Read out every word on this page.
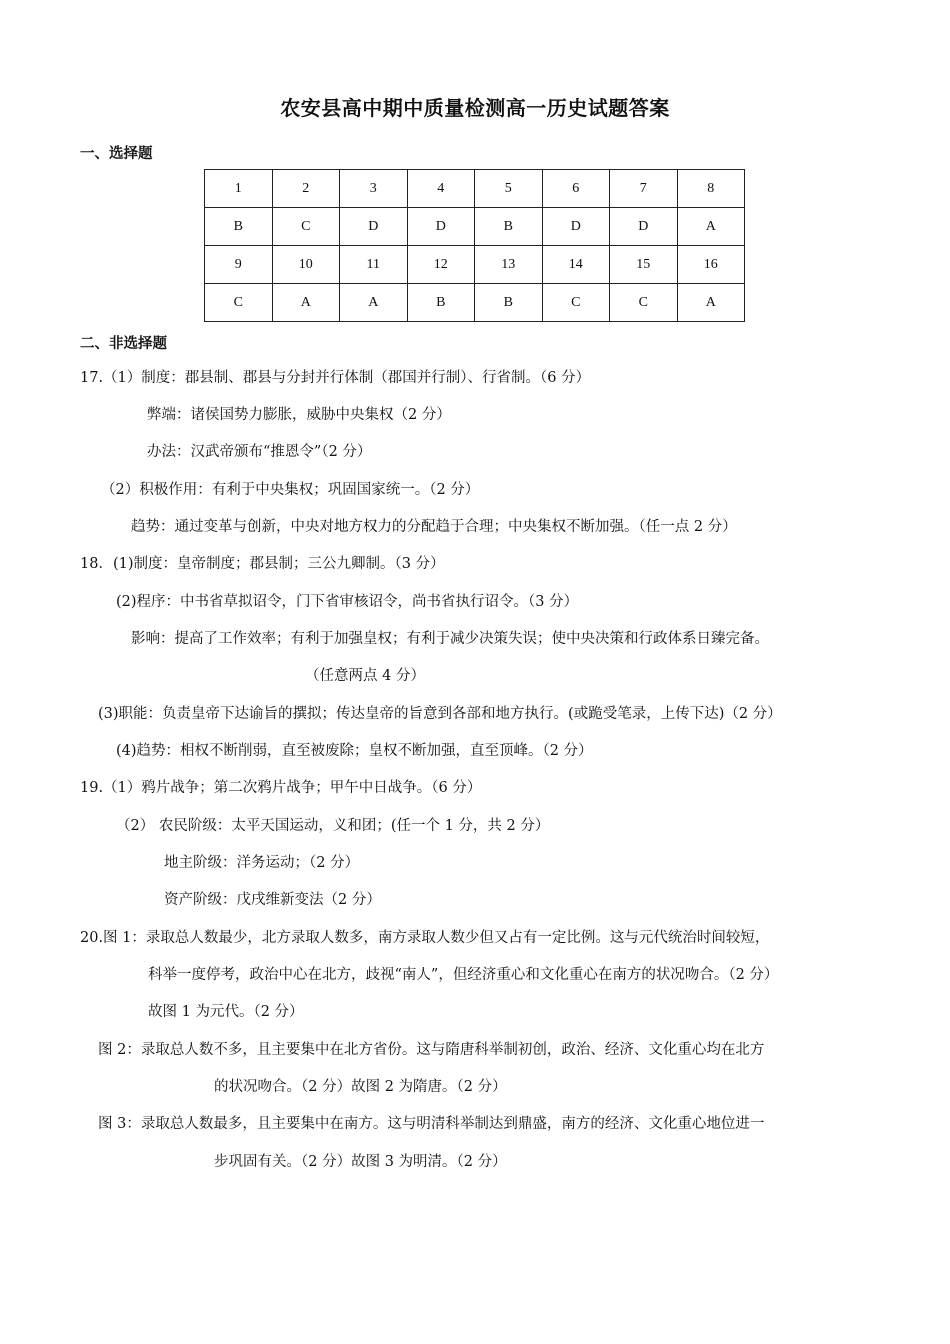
农安县高中期中质量检测高一历史试题答案
一、选择题
1	2	3	4	5	6	7	8
B	C	D	D	B	D	D	A
9	10	11	12	13	14	15	16
C	A	A	B	B	C	C	A
二、非选择题
17.（1）制度：郡县制、郡县与分封并行体制（郡国并行制）、行省制。（6 分）
弊端：诸侯国势力膨胀，威胁中央集权（2 分）
办法：汉武帝颁布“推恩令”（2 分）
（2）积极作用：有利于中央集权；巩固国家统一。（2 分）
趋势：通过变革与创新，中央对地方权力的分配趋于合理；中央集权不断加强。（任一点 2 分）
18．(1)制度：皇帝制度；郡县制；三公九卿制。（3 分）
(2)程序：中书省草拟诏令，门下省审核诏令，尚书省执行诏令。（3 分）
影响：提高了工作效率；有利于加强皇权；有利于减少决策失误；使中央决策和行政体系日臻完备。
（任意两点 4 分）
(3)职能：负责皇帝下达谕旨的撰拟；传达皇帝的旨意到各部和地方执行。(或跪受笔录，上传下达)（2 分）
(4)趋势：相权不断削弱，直至被废除；皇权不断加强，直至顶峰。（2 分）
19.（1）鸦片战争；第二次鸦片战争；甲午中日战争。（6 分）
（2） 农民阶级：太平天国运动，义和团；(任一个 1 分，共 2 分）
地主阶级：洋务运动；（2 分）
资产阶级：戊戌维新变法（2 分）
20.图 1：录取总人数最少，北方录取人数多，南方录取人数少但又占有一定比例。这与元代统治时间较短，
科举一度停考，政治中心在北方，歧视“南人”，但经济重心和文化重心在南方的状况吻合。（2 分）
故图 1 为元代。（2 分）
图 2：录取总人数不多，且主要集中在北方省份。这与隋唐科举制初创，政治、经济、文化重心均在北方
的状况吻合。（2 分）故图 2 为隋唐。（2 分）
图 3：录取总人数最多，且主要集中在南方。这与明清科举制达到鼎盛，南方的经济、文化重心地位进一
步巩固有关。（2 分）故图 3 为明清。（2 分）
